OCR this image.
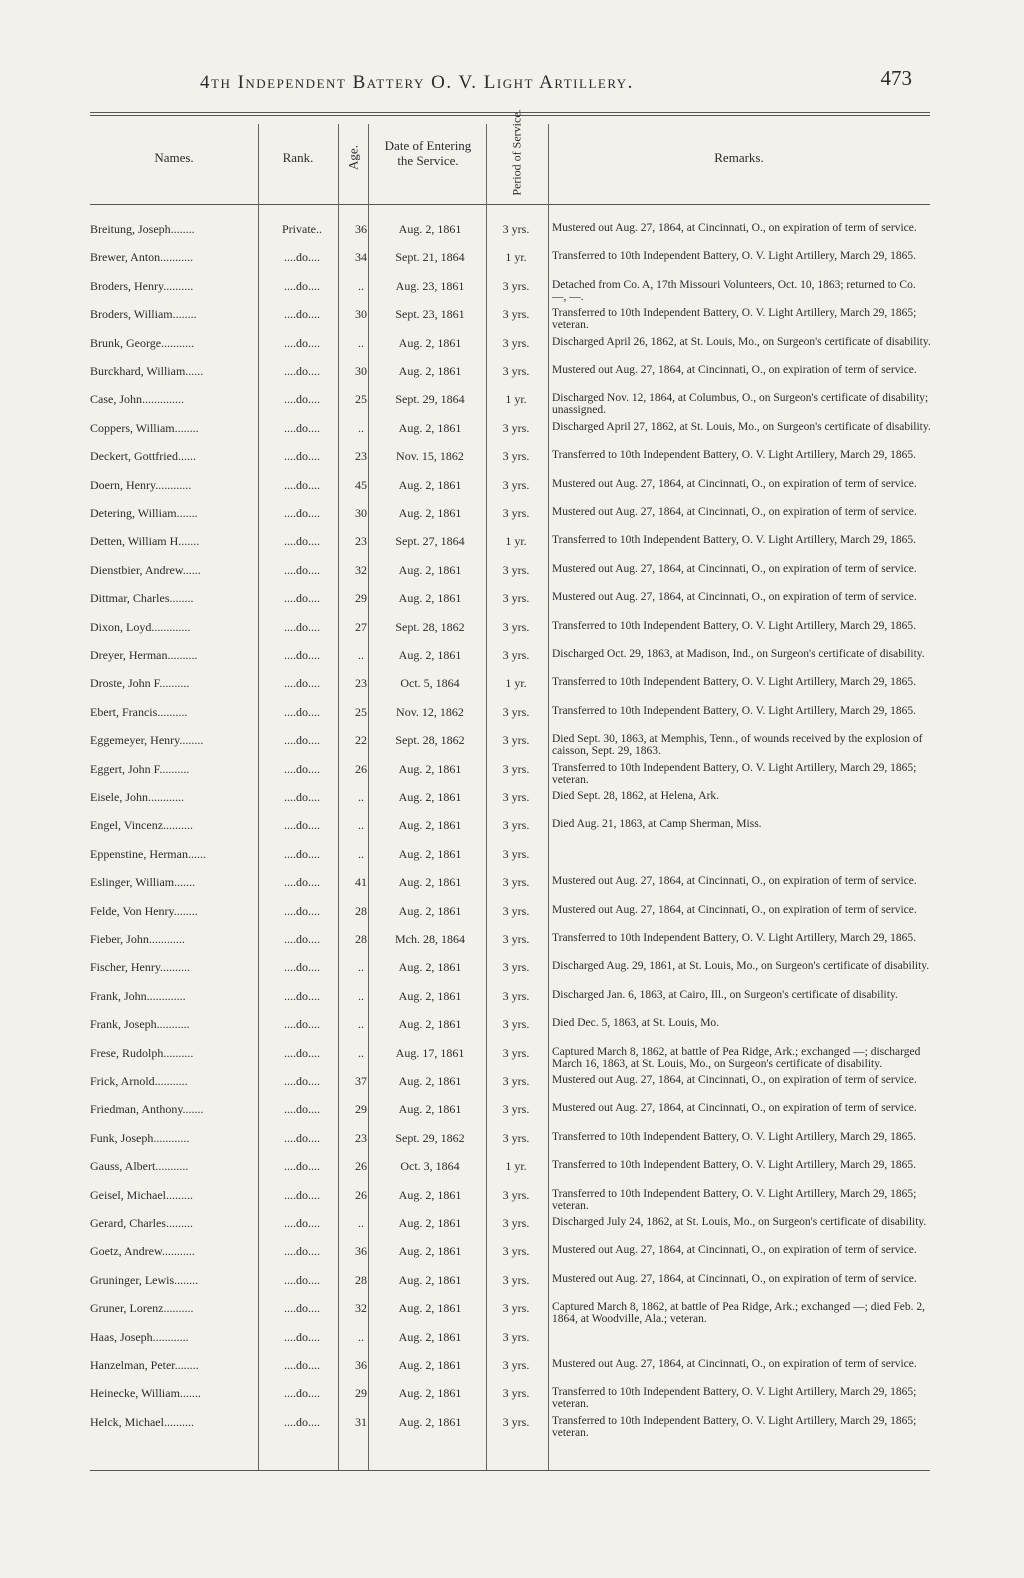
4th Independent Battery O. V. Light Artillery.	473
Names.	Rank.	Age.	Date of Entering the Service.	Period of Service.	Remarks.
Breitung, Joseph........	Private..	36	Aug. 2, 1861	3 yrs.	Mustered out Aug. 27, 1864, at Cincinnati, O., on expiration of term of service.
Brewer, Anton...........	....do....	34	Sept. 21, 1864	1 yr.	Transferred to 10th Independent Battery, O. V. Light Artillery, March 29, 1865.
Broders, Henry..........	....do....	..	Aug. 23, 1861	3 yrs.	Detached from Co. A, 17th Missouri Volunteers, Oct. 10, 1863; returned to Co. —, —.
Broders, William........	....do....	30	Sept. 23, 1861	3 yrs.	Transferred to 10th Independent Battery, O. V. Light Artillery, March 29, 1865; veteran.
Brunk, George...........	....do....	..	Aug. 2, 1861	3 yrs.	Discharged April 26, 1862, at St. Louis, Mo., on Surgeon's certificate of disability.
Burckhard, William......	....do....	30	Aug. 2, 1861	3 yrs.	Mustered out Aug. 27, 1864, at Cincinnati, O., on expiration of term of service.
Case, John..............	....do....	25	Sept. 29, 1864	1 yr.	Discharged Nov. 12, 1864, at Columbus, O., on Surgeon's certificate of disability; unassigned.
Coppers, William........	....do....	..	Aug. 2, 1861	3 yrs.	Discharged April 27, 1862, at St. Louis, Mo., on Surgeon's certificate of disability.
Deckert, Gottfried......	....do....	23	Nov. 15, 1862	3 yrs.	Transferred to 10th Independent Battery, O. V. Light Artillery, March 29, 1865.
Doern, Henry............	....do....	45	Aug. 2, 1861	3 yrs.	Mustered out Aug. 27, 1864, at Cincinnati, O., on expiration of term of service.
Detering, William.......	....do....	30	Aug. 2, 1861	3 yrs.	Mustered out Aug. 27, 1864, at Cincinnati, O., on expiration of term of service.
Detten, William H.......	....do....	23	Sept. 27, 1864	1 yr.	Transferred to 10th Independent Battery, O. V. Light Artillery, March 29, 1865.
Dienstbier, Andrew......	....do....	32	Aug. 2, 1861	3 yrs.	Mustered out Aug. 27, 1864, at Cincinnati, O., on expiration of term of service.
Dittmar, Charles........	....do....	29	Aug. 2, 1861	3 yrs.	Mustered out Aug. 27, 1864, at Cincinnati, O., on expiration of term of service.
Dixon, Loyd.............	....do....	27	Sept. 28, 1862	3 yrs.	Transferred to 10th Independent Battery, O. V. Light Artillery, March 29, 1865.
Dreyer, Herman..........	....do....	..	Aug. 2, 1861	3 yrs.	Discharged Oct. 29, 1863, at Madison, Ind., on Surgeon's certificate of disability.
Droste, John F..........	....do....	23	Oct. 5, 1864	1 yr.	Transferred to 10th Independent Battery, O. V. Light Artillery, March 29, 1865.
Ebert, Francis..........	....do....	25	Nov. 12, 1862	3 yrs.	Transferred to 10th Independent Battery, O. V. Light Artillery, March 29, 1865.
Eggemeyer, Henry........	....do....	22	Sept. 28, 1862	3 yrs.	Died Sept. 30, 1863, at Memphis, Tenn., of wounds received by the explosion of caisson, Sept. 29, 1863.
Eggert, John F..........	....do....	26	Aug. 2, 1861	3 yrs.	Transferred to 10th Independent Battery, O. V. Light Artillery, March 29, 1865; veteran.
Eisele, John............	....do....	..	Aug. 2, 1861	3 yrs.	Died Sept. 28, 1862, at Helena, Ark.
Engel, Vincenz..........	....do....	..	Aug. 2, 1861	3 yrs.	Died Aug. 21, 1863, at Camp Sherman, Miss.
Eppenstine, Herman......	....do....	..	Aug. 2, 1861	3 yrs.
Eslinger, William.......	....do....	41	Aug. 2, 1861	3 yrs.	Mustered out Aug. 27, 1864, at Cincinnati, O., on expiration of term of service.
Felde, Von Henry........	....do....	28	Aug. 2, 1861	3 yrs.	Mustered out Aug. 27, 1864, at Cincinnati, O., on expiration of term of service.
Fieber, John............	....do....	28	Mch. 28, 1864	3 yrs.	Transferred to 10th Independent Battery, O. V. Light Artillery, March 29, 1865.
Fischer, Henry..........	....do....	..	Aug. 2, 1861	3 yrs.	Discharged Aug. 29, 1861, at St. Louis, Mo., on Surgeon's certificate of disability.
Frank, John.............	....do....	..	Aug. 2, 1861	3 yrs.	Discharged Jan. 6, 1863, at Cairo, Ill., on Surgeon's certificate of disability.
Frank, Joseph...........	....do....	..	Aug. 2, 1861	3 yrs.	Died Dec. 5, 1863, at St. Louis, Mo.
Frese, Rudolph..........	....do....	..	Aug. 17, 1861	3 yrs.	Captured March 8, 1862, at battle of Pea Ridge, Ark.; exchanged —; discharged March 16, 1863, at St. Louis, Mo., on Surgeon's certificate of disability.
Frick, Arnold...........	....do....	37	Aug. 2, 1861	3 yrs.	Mustered out Aug. 27, 1864, at Cincinnati, O., on expiration of term of service.
Friedman, Anthony.......	....do....	29	Aug. 2, 1861	3 yrs.	Mustered out Aug. 27, 1864, at Cincinnati, O., on expiration of term of service.
Funk, Joseph............	....do....	23	Sept. 29, 1862	3 yrs.	Transferred to 10th Independent Battery, O. V. Light Artillery, March 29, 1865.
Gauss, Albert...........	....do....	26	Oct. 3, 1864	1 yr.	Transferred to 10th Independent Battery, O. V. Light Artillery, March 29, 1865.
Geisel, Michael.........	....do....	26	Aug. 2, 1861	3 yrs.	Transferred to 10th Independent Battery, O. V. Light Artillery, March 29, 1865; veteran.
Gerard, Charles.........	....do....	..	Aug. 2, 1861	3 yrs.	Discharged July 24, 1862, at St. Louis, Mo., on Surgeon's certificate of disability.
Goetz, Andrew...........	....do....	36	Aug. 2, 1861	3 yrs.	Mustered out Aug. 27, 1864, at Cincinnati, O., on expiration of term of service.
Gruninger, Lewis........	....do....	28	Aug. 2, 1861	3 yrs.	Mustered out Aug. 27, 1864, at Cincinnati, O., on expiration of term of service.
Gruner, Lorenz..........	....do....	32	Aug. 2, 1861	3 yrs.	Captured March 8, 1862, at battle of Pea Ridge, Ark.; exchanged —; died Feb. 2, 1864, at Woodville, Ala.; veteran.
Haas, Joseph............	....do....	..	Aug. 2, 1861	3 yrs.
Hanzelman, Peter........	....do....	36	Aug. 2, 1861	3 yrs.	Mustered out Aug. 27, 1864, at Cincinnati, O., on expiration of term of service.
Heinecke, William.......	....do....	29	Aug. 2, 1861	3 yrs.	Transferred to 10th Independent Battery, O. V. Light Artillery, March 29, 1865; veteran.
Helck, Michael..........	....do....	31	Aug. 2, 1861	3 yrs.	Transferred to 10th Independent Battery, O. V. Light Artillery, March 29, 1865; veteran.
